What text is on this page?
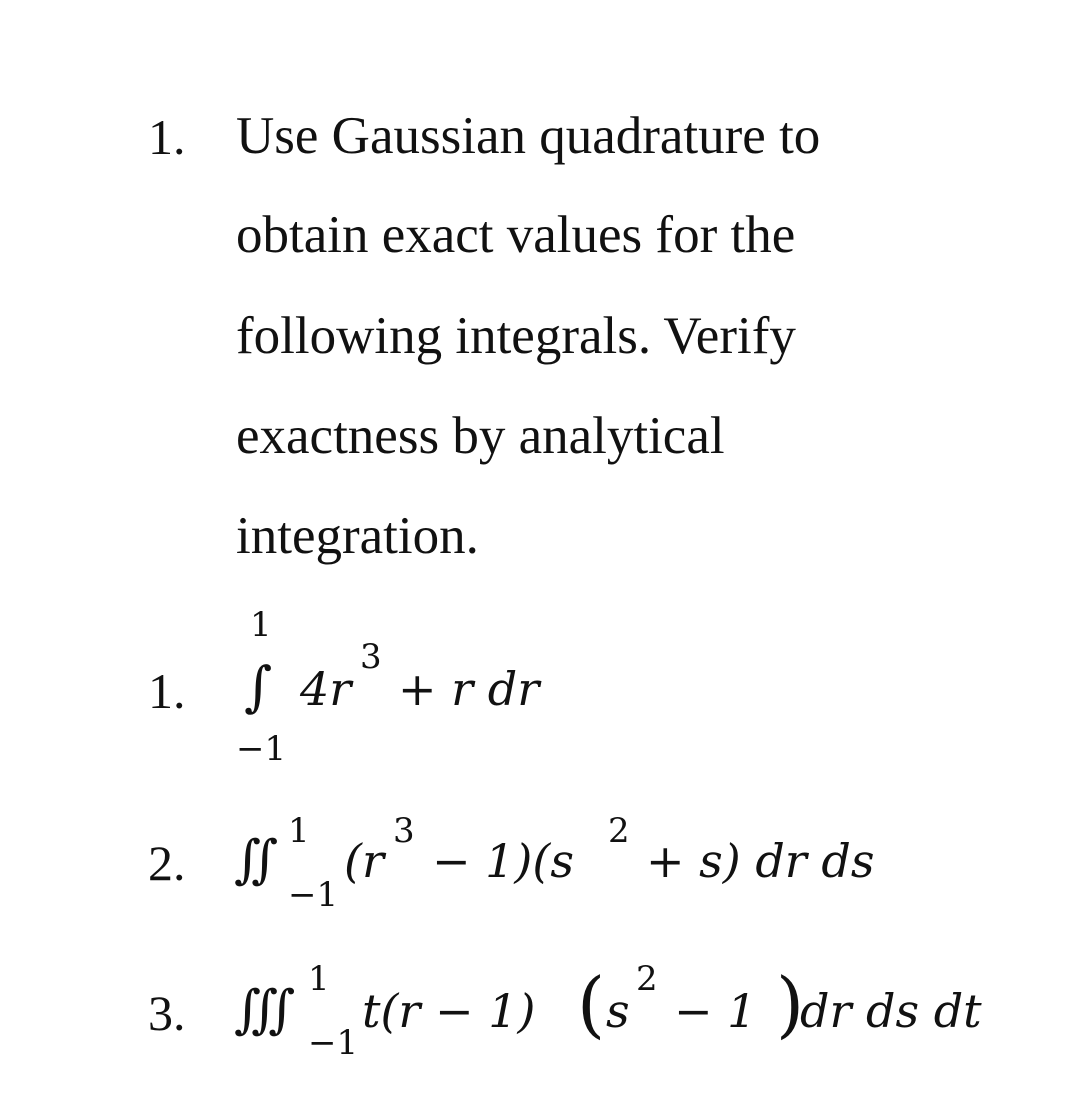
1. Use Gaussian quadrature to
obtain exact values for the
following integrals. Verify
exactness by analytical
integration.
1.
1
∫
−1
4r
3
+ r dr
2. ∬ 1
−1
(r
3
− 1)(s
2
+ s) dr ds
3. ∭
1
−1
t(r − 1) ( s
2
− 1 )
dr ds dt
